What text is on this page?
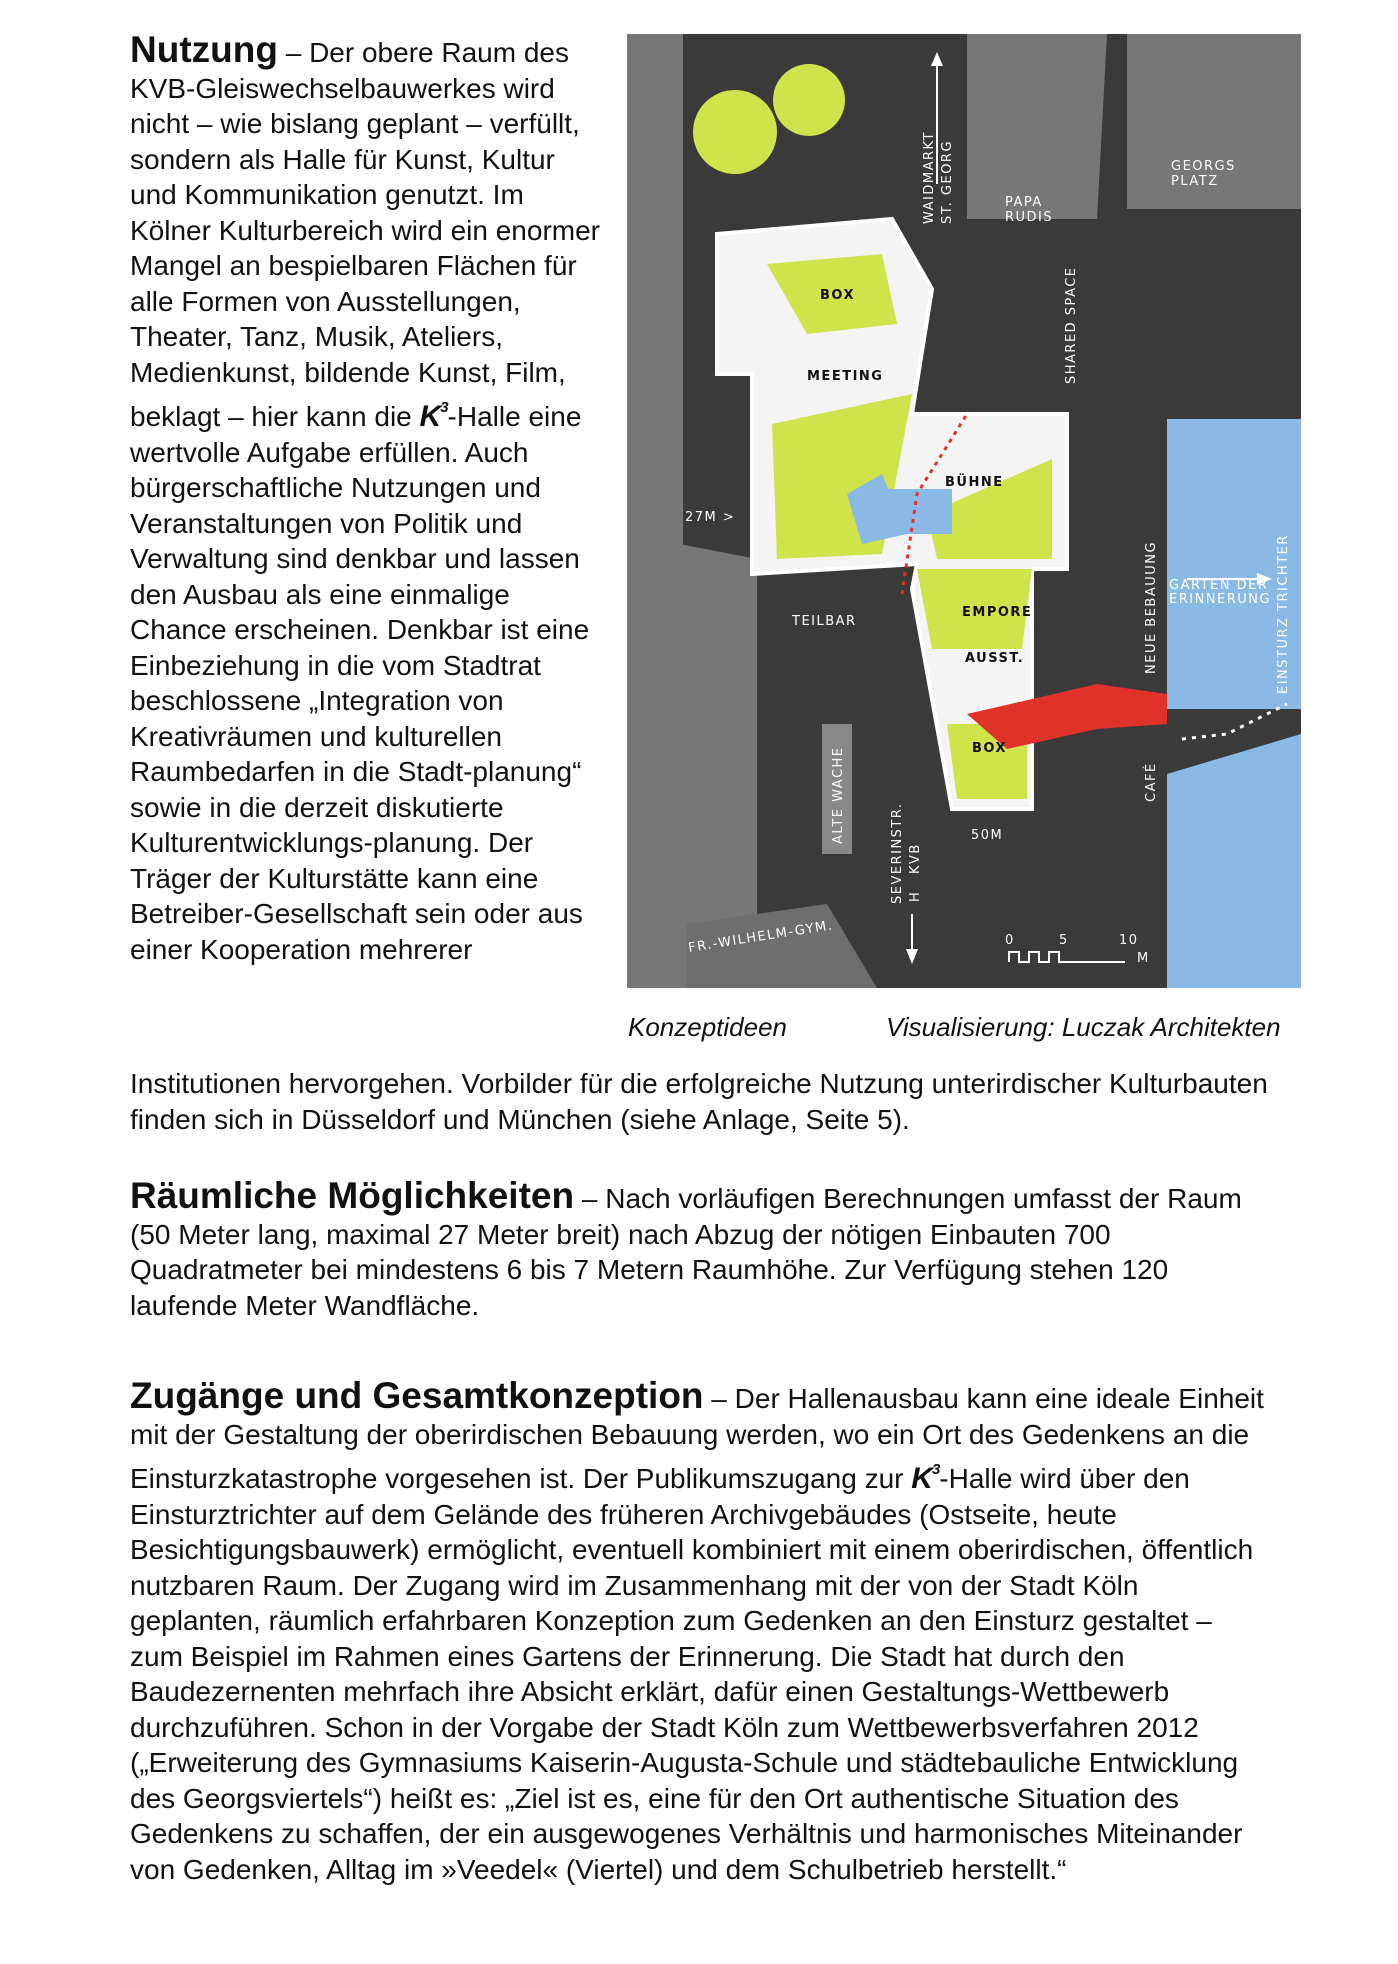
Nutzung – Der obere Raum des KVB-Gleiswechselbauwerkes wird nicht – wie bislang geplant – verfüllt, sondern als Halle für Kunst, Kultur und Kommunikation genutzt. Im Kölner Kulturbereich wird ein enormer Mangel an bespielbaren Flächen für alle Formen von Ausstellungen, Theater, Tanz, Musik, Ateliers, Medienkunst, bildende Kunst, Film, beklagt – hier kann die $K^3$-Halle eine wertvolle Aufgabe erfüllen. Auch bürgerschaftliche Nutzungen und Veranstaltungen von Politik und Verwaltung sind denkbar und lassen den Ausbau als eine einmalige Chance erscheinen. Denkbar ist eine Einbeziehung in die vom Stadtrat beschlossene „Integration von Kreativräumen und kulturellen Raumbedarfen in die Stadt-planung“ sowie in die derzeit diskutierte Kulturentwicklungs-planung. Der Träger der Kulturstätte kann eine Betreiber-Gesellschaft sein oder aus einer Kooperation mehrerer

Institutionen hervorgehen. Vorbilder für die erfolgreiche Nutzung unterirdischer Kulturbauten finden sich in Düsseldorf und München (siehe Anlage, Seite 5).

WAIDMARKT ST. GEORG	PAPA
RUDIS
GEORGS
PLATZ
SHARED SPACE
BOX
MEETING
BÜHNE
27M >
TEILBAR
EMPORE
AUSST.
BOX
NEUE BEBAUUNG GARTEN DER
ERINNERUNG EINSTURZ TRICHTER
CAFÉ
ALTE WACHE
SEVERINSTR. KVB
H
50M
FR.-WILHELM-GYM.	0	5	10
M
Konzeptideen	Visualisierung: Luczak Architekten

Räumliche Möglichkeiten – Nach vorläufigen Berechnungen umfasst der Raum (50 Meter lang, maximal 27 Meter breit) nach Abzug der nötigen Einbauten 700 Quadratmeter bei mindestens 6 bis 7 Metern Raumhöhe. Zur Verfügung stehen 120 laufende Meter Wandfläche.

Zugänge und Gesamtkonzeption – Der Hallenausbau kann eine ideale Einheit mit der Gestaltung der oberirdischen Bebauung werden, wo ein Ort des Gedenkens an die Einsturzkatastrophe vorgesehen ist. Der Publikumszugang zur $K^3$-Halle wird über den Einsturztrichter auf dem Gelände des früheren Archivgebäudes (Ostseite, heute Besichtigungsbauwerk) ermöglicht, eventuell kombiniert mit einem oberirdischen, öffentlich nutzbaren Raum. Der Zugang wird im Zusammenhang mit der von der Stadt Köln geplanten, räumlich erfahrbaren Konzeption zum Gedenken an den Einsturz gestaltet – zum Beispiel im Rahmen eines Gartens der Erinnerung. Die Stadt hat durch den Baudezernenten mehrfach ihre Absicht erklärt, dafür einen Gestaltungs-Wettbewerb durchzuführen. Schon in der Vorgabe der Stadt Köln zum Wettbewerbsverfahren 2012 („Erweiterung des Gymnasiums Kaiserin-Augusta-Schule und städtebauliche Entwicklung des Georgsviertels“) heißt es: „Ziel ist es, eine für den Ort authentische Situation des Gedenkens zu schaffen, der ein ausgewogenes Verhältnis und harmonisches Miteinander von Gedenken, Alltag im »Veedel« (Viertel) und dem Schulbetrieb herstellt.“
